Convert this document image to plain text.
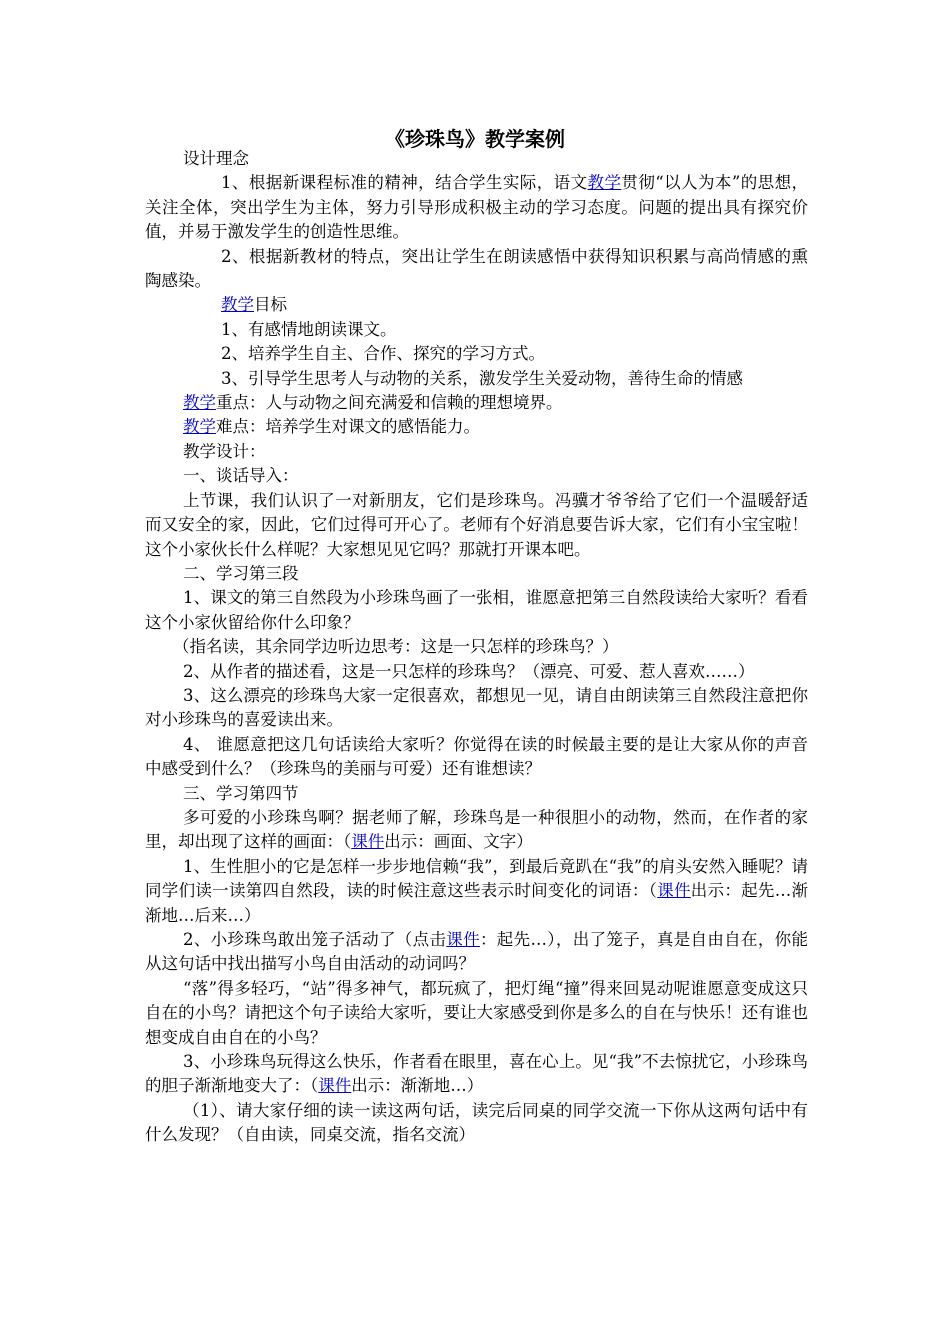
《珍珠鸟》教学案例

设计理念

1、根据新课程标准的精神，结合学生实际，语文教学贯彻“以人为本”的思想，关注全体，突出学生为主体，努力引导形成积极主动的学习态度。问题的提出具有探究价值，并易于激发学生的创造性思维。

2、根据新教材的特点，突出让学生在朗读感悟中获得知识积累与高尚情感的熏陶感染。

教学目标

1、有感情地朗读课文。

2、培养学生自主、合作、探究的学习方式。

3、引导学生思考人与动物的关系，激发学生关爱动物，善待生命的情感

教学重点：人与动物之间充满爱和信赖的理想境界。

教学难点：培养学生对课文的感悟能力。

教学设计：

一、谈话导入：

上节课，我们认识了一对新朋友，它们是珍珠鸟。冯骥才爷爷给了它们一个温暖舒适而又安全的家，因此，它们过得可开心了。老师有个好消息要告诉大家，它们有小宝宝啦！这个小家伙长什么样呢？大家想见见它吗？那就打开课本吧。

二、学习第三段

1、课文的第三自然段为小珍珠鸟画了一张相，谁愿意把第三自然段读给大家听？看看这个小家伙留给你什么印象？

（指名读，其余同学边听边思考：这是一只怎样的珍珠鸟？）

2、从作者的描述看，这是一只怎样的珍珠鸟？（漂亮、可爱、惹人喜欢……）

3、这么漂亮的珍珠鸟大家一定很喜欢，都想见一见，请自由朗读第三自然段注意把你对小珍珠鸟的喜爱读出来。

4、 谁愿意把这几句话读给大家听？你觉得在读的时候最主要的是让大家从你的声音中感受到什么？（珍珠鸟的美丽与可爱）还有谁想读？

三、学习第四节

多可爱的小珍珠鸟啊？据老师了解，珍珠鸟是一种很胆小的动物，然而，在作者的家里，却出现了这样的画面：（课件出示：画面、文字）

1、生性胆小的它是怎样一步步地信赖“我”，到最后竟趴在“我”的肩头安然入睡呢？请同学们读一读第四自然段，读的时候注意这些表示时间变化的词语：（课件出示：起先…渐渐地…后来…）

2、小珍珠鸟敢出笼子活动了（点击课件：起先…），出了笼子，真是自由自在，你能从这句话中找出描写小鸟自由活动的动词吗？

“落”得多轻巧，“站”得多神气，都玩疯了，把灯绳“撞”得来回晃动呢谁愿意变成这只自在的小鸟？请把这个句子读给大家听，要让大家感受到你是多么的自在与快乐！还有谁也想变成自由自在的小鸟？

3、小珍珠鸟玩得这么快乐，作者看在眼里，喜在心上。见“我”不去惊扰它，小珍珠鸟的胆子渐渐地变大了：（课件出示：渐渐地…）

（1）、请大家仔细的读一读这两句话，读完后同桌的同学交流一下你从这两句话中有什么发现？（自由读，同桌交流，指名交流）
